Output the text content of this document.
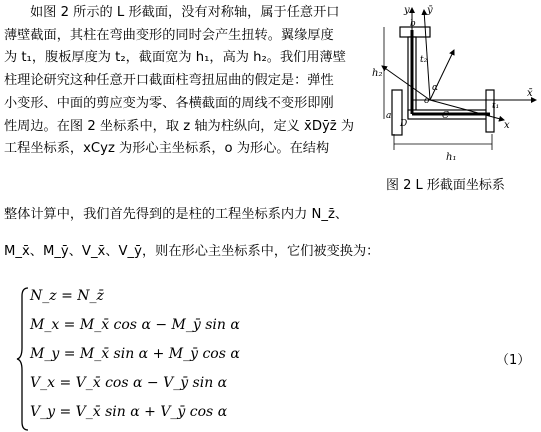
如图 2 所示的 L 形截面，没有对称轴，属于任意开口
薄壁截面，其柱在弯曲变形的同时会产生扭转。翼缘厚度
为 t₁，腹板厚度为 t₂，截面宽为 h₁，高为 h₂。我们用薄壁
柱理论研究这种任意开口截面柱弯扭屈曲的假定是：弹性
小变形、中面的剪应变为零、各横截面的周线不变形即刚
性周边。在图 2 坐标系中，取 z 轴为柱纵向，定义 x̄Dȳz̄ 为
工程坐标系，xCyz 为形心主坐标系，o 为形心。在结构
整体计算中，我们首先得到的是柱的工程坐标系内力 N_z̄、
M_x̄、M_ȳ、V_x̄、V_ȳ，则在形心主坐标系中，它们被变换为：
y ȳ
x̄
x
h₁
h₂
t₂
t₁
b
a
o
D
C
α
图 2 L 形截面坐标系
N_z = N_z̄
M_x = M_x̄ cos α − M_ȳ sin α
M_y = M_x̄ sin α + M_ȳ cos α
V_x = V_x̄ cos α − V_ȳ sin α
V_y = V_x̄ sin α + V_ȳ cos α
（1）
